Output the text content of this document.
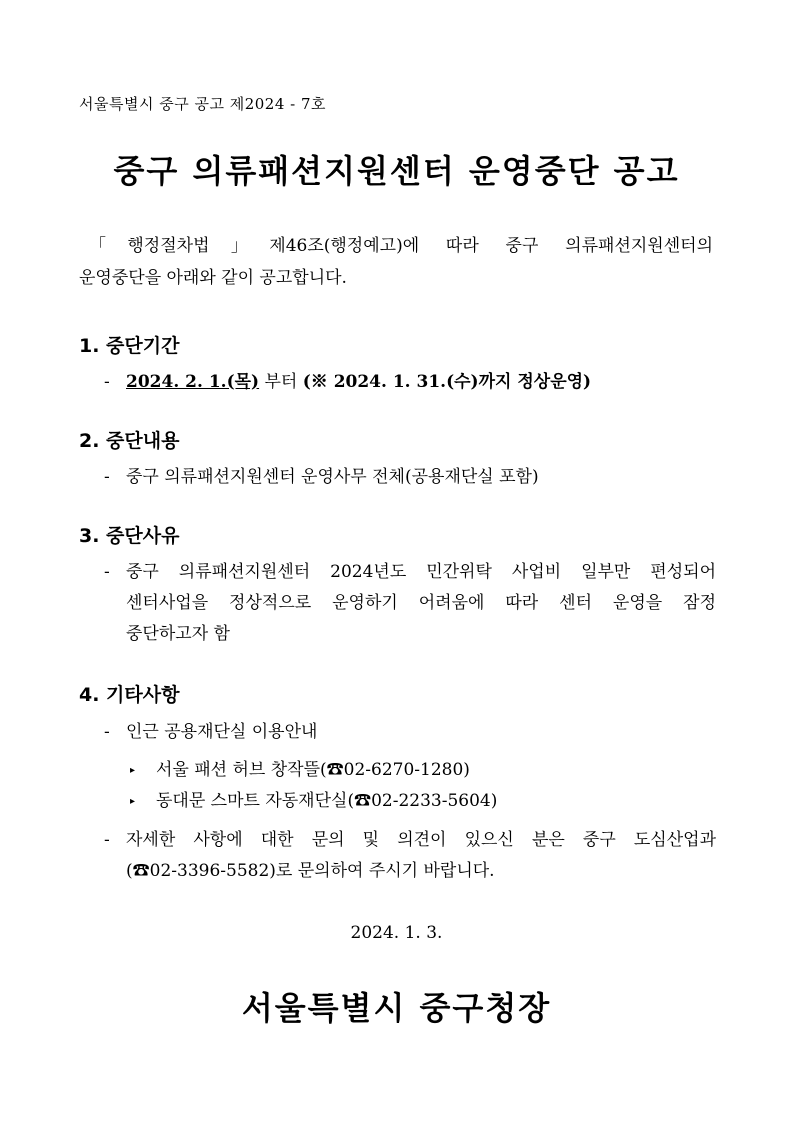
서울특별시 중구 공고 제2024 - 7호
중구 의류패션지원센터 운영중단 공고
「행정절차법」제46조(행정예고)에 따라 중구 의류패션지원센터의
운영중단을 아래와 같이 공고합니다.
1. 중단기간
- 2024. 2. 1.(목) 부터 (※ 2024. 1. 31.(수)까지 정상운영)
2. 중단내용
- 중구 의류패션지원센터 운영사무 전체(공용재단실 포함)
3. 중단사유
- 중구 의류패션지원센터 2024년도 민간위탁 사업비 일부만 편성되어
센터사업을 정상적으로 운영하기 어려움에 따라 센터 운영을 잠정
중단하고자 함
4. 기타사항
- 인근 공용재단실 이용안내
▸ 서울 패션 허브 창작뜰(☎02-6270-1280)
▸ 동대문 스마트 자동재단실(☎02-2233-5604)
- 자세한 사항에 대한 문의 및 의견이 있으신 분은 중구 도심산업과
(☎02-3396-5582)로 문의하여 주시기 바랍니다.
2024. 1. 3.
서울특별시 중구청장
